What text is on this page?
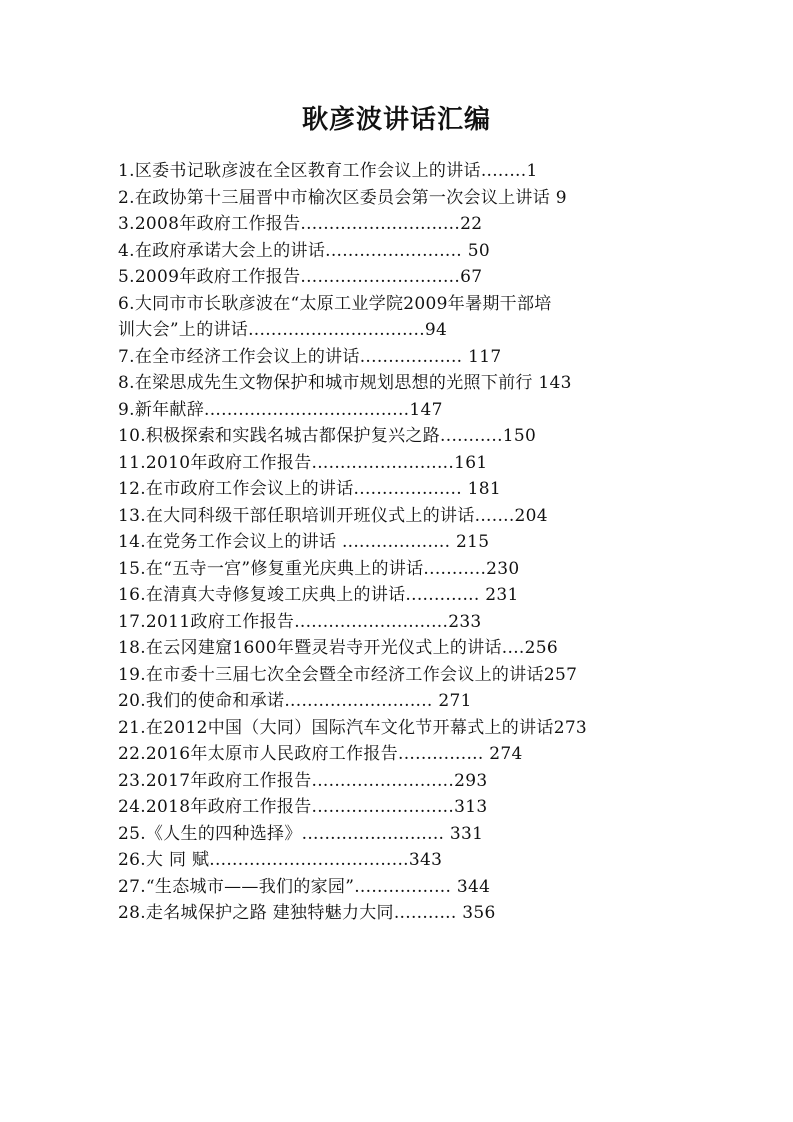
耿彦波讲话汇编
1.区委书记耿彦波在全区教育工作会议上的讲话........1
2.在政协第十三届晋中市榆次区委员会第一次会议上讲话 9
3.2008年政府工作报告............................22
4.在政府承诺大会上的讲话........................ 50
5.2009年政府工作报告............................67
6.大同市市长耿彦波在“太原工业学院2009年暑期干部培
训大会”上的讲话...............................94
7.在全市经济工作会议上的讲话.................. 117
8.在梁思成先生文物保护和城市规划思想的光照下前行 143
9.新年献辞....................................147
10.积极探索和实践名城古都保护复兴之路...........150
11.2010年政府工作报告.........................161
12.在市政府工作会议上的讲话................... 181
13.在大同科级干部任职培训开班仪式上的讲话.......204
14.在党务工作会议上的讲话 ................... 215
15.在“五寺一宫”修复重光庆典上的讲话...........230
16.在清真大寺修复竣工庆典上的讲话............. 231
17.2011政府工作报告...........................233
18.在云冈建窟1600年暨灵岩寺开光仪式上的讲话....256
19.在市委十三届七次全会暨全市经济工作会议上的讲话257
20.我们的使命和承诺.......................... 271
21.在2012中国（大同）国际汽车文化节开幕式上的讲话273
22.2016年太原市人民政府工作报告............... 274
23.2017年政府工作报告.........................293
24.2018年政府工作报告.........................313
25.《人生的四种选择》......................... 331
26.大 同 赋...................................343
27.“生态城市——我们的家园”................. 344
28.走名城保护之路 建独特魅力大同........... 356
